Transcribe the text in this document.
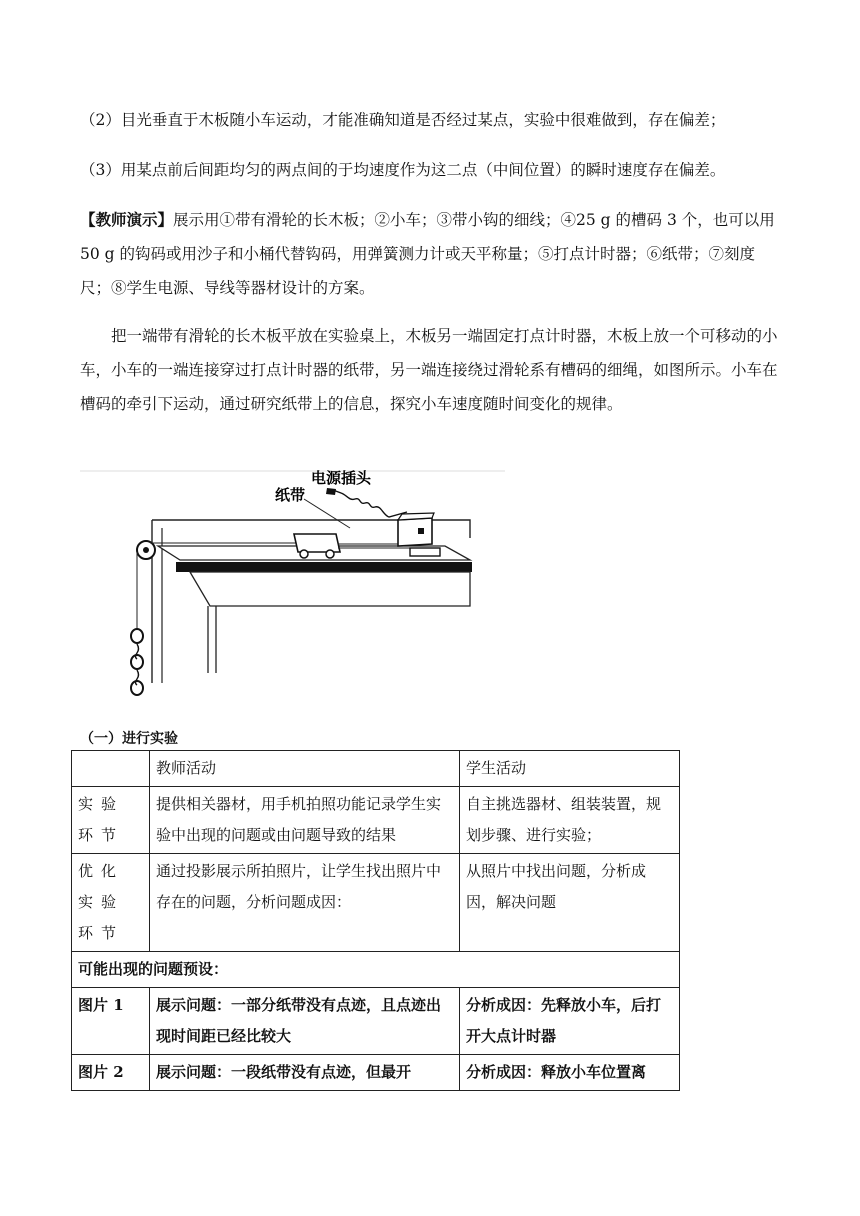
（2）目光垂直于木板随小车运动，才能准确知道是否经过某点，实验中很难做到，存在偏差；

（3）用某点前后间距均匀的两点间的于均速度作为这二点（中间位置）的瞬时速度存在偏差。

【教师演示】展示用①带有滑轮的长木板；②小车；③带小钩的细线；④25 g 的槽码 3 个，也可以用 50 g 的钩码或用沙子和小桶代替钩码，用弹簧测力计或天平称量；⑤打点计时器；⑥纸带；⑦刻度尺；⑧学生电源、导线等器材设计的方案。

把一端带有滑轮的长木板平放在实验桌上，木板另一端固定打点计时器，木板上放一个可移动的小车，小车的一端连接穿过打点计时器的纸带，另一端连接绕过滑轮系有槽码的细绳，如图所示。小车在槽码的牵引下运动，通过研究纸带上的信息，探究小车速度随时间变化的规律。

纸带
电源插头
（一）进行实验
	教师活动	学生活动
实验环节	提供相关器材，用手机拍照功能记录学生实验中出现的问题或由问题导致的结果	自主挑选器材、组装装置，规划步骤、进行实验；
优化实验环节	通过投影展示所拍照片，让学生找出照片中存在的问题，分析问题成因：	从照片中找出问题，分析成因，解决问题
可能出现的问题预设：		
图片 1	展示问题：一部分纸带没有点迹，且点迹出现时间距已经比较大	分析成因：先释放小车，后打开大点计时器
图片 2	展示问题：一段纸带没有点迹，但最开	分析成因：释放小车位置离
